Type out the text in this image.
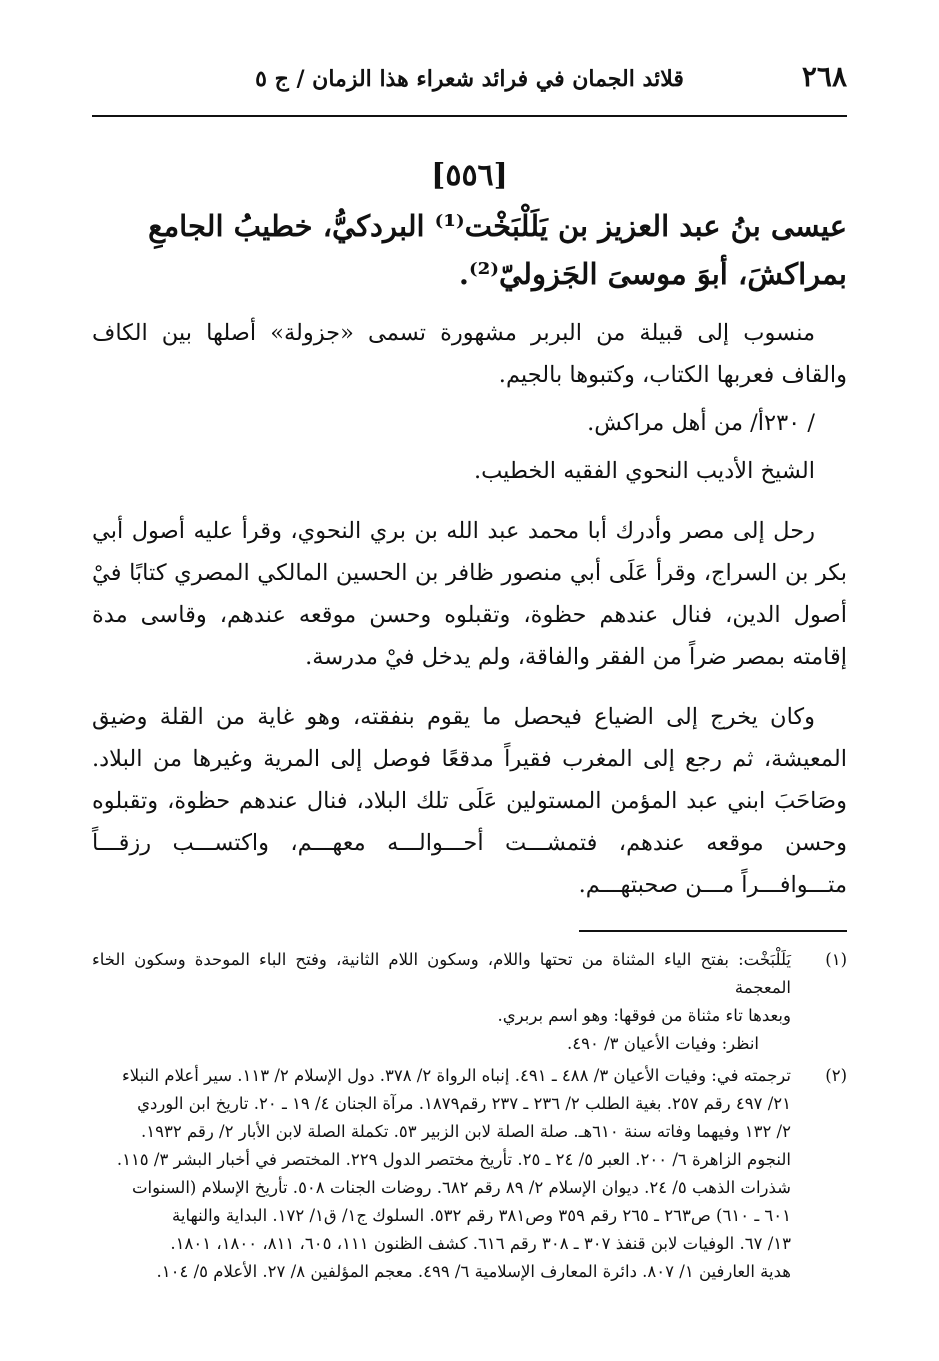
٢٦٨
قلائد الجمان في فرائد شعراء هذا الزمان / ج ٥
[٥٥٦]
عيسى بنُ عبد العزيز بن يَلَلْبَخْت⁽¹⁾ البردكيُّ، خطيبُ الجامعِ
بمراكشَ، أبوَ موسىَ الجَزوليّ⁽²⁾.

منسوب إلى قبيلة من البربر مشهورة تسمى «جزولة» أصلها بين الكاف والقاف فعربها الكتاب، وكتبوها بالجيم.

/ ٢٣٠أ/ من أهل مراكش.

الشيخ الأديب النحوي الفقيه الخطيب.

رحل إلى مصر وأدرك أبا محمد عبد الله بن بري النحوي، وقرأ عليه أصول أبي بكر بن السراج، وقرأ عَلَى أبي منصور ظافر بن الحسين المالكي المصري كتابًا فيْ أصول الدين، فنال عندهم حظوة، وتقبلوه وحسن موقعه عندهم، وقاسى مدة إقامته بمصر ضراً من الفقر والفاقة، ولم يدخل فيْ مدرسة.

وكان يخرج إلى الضياع فيحصل ما يقوم بنفقته، وهو غاية من القلة وضيق المعيشة، ثم رجع إلى المغرب فقيراً مدقعًا فوصل إلى المرية وغيرها من البلاد. وصَاحَبَ ابني عبد المؤمن المستولين عَلَى تلك البلاد، فنال عندهم حظوة، وتقبلوه وحسن موقعه عندهم، فتمشـــت أحـــوالـــه معهـــم، واكتســـب رزقـــاً متـــوافـــراً مـــن صحبتهـــم.

(١)
يَلَلْبَخْت: بفتح الياء المثناة من تحتها واللام، وسكون اللام الثانية، وفتح الباء الموحدة وسكون الخاء المعجمة
وبعدها تاء مثناة من فوقها: وهو اسم بربري.
انظر: وفيات الأعيان ٣/ ٤٩٠.
(٢)
ترجمته في: وفيات الأعيان ٣/ ٤٨٨ ـ ٤٩١. إنباه الرواة ٢/ ٣٧٨. دول الإسلام ٢/ ١١٣. سير أعلام النبلاء
٢١/ ٤٩٧ رقم ٢٥٧. بغية الطلب ٢/ ٢٣٦ ـ ٢٣٧ رقم١٨٧٩. مرآة الجنان ٤/ ١٩ ـ ٢٠. تاريخ ابن الوردي
٢/ ١٣٢ وفيهما وفاته سنة ٦١٠هـ. صلة الصلة لابن الزبير ٥٣. تكملة الصلة لابن الأبار ٢/ رقم ١٩٣٢.
النجوم الزاهرة ٦/ ٢٠٠. العبر ٥/ ٢٤ ـ ٢٥. تأريخ مختصر الدول ٢٢٩. المختصر في أخبار البشر ٣/ ١١٥.
شذرات الذهب ٥/ ٢٤. ديوان الإسلام ٢/ ٨٩ رقم ٦٨٢. روضات الجنات ٥٠٨. تأريخ الإسلام (السنوات
٦٠١ ـ ٦١٠) ص٢٦٣ ـ ٢٦٥ رقم ٣٥٩ وص٣٨١ رقم ٥٣٢. السلوك ج١/ ق١/ ١٧٢. البداية والنهاية
١٣/ ٦٧. الوفيات لابن قنفذ ٣٠٧ ـ ٣٠٨ رقم ٦١٦. كشف الظنون ١١١، ٦٠٥، ٨١١، ١٨٠٠، ١٨٠١.
هدية العارفين ١/ ٨٠٧. دائرة المعارف الإسلامية ٦/ ٤٩٩. معجم المؤلفين ٨/ ٢٧. الأعلام ٥/ ١٠٤.
